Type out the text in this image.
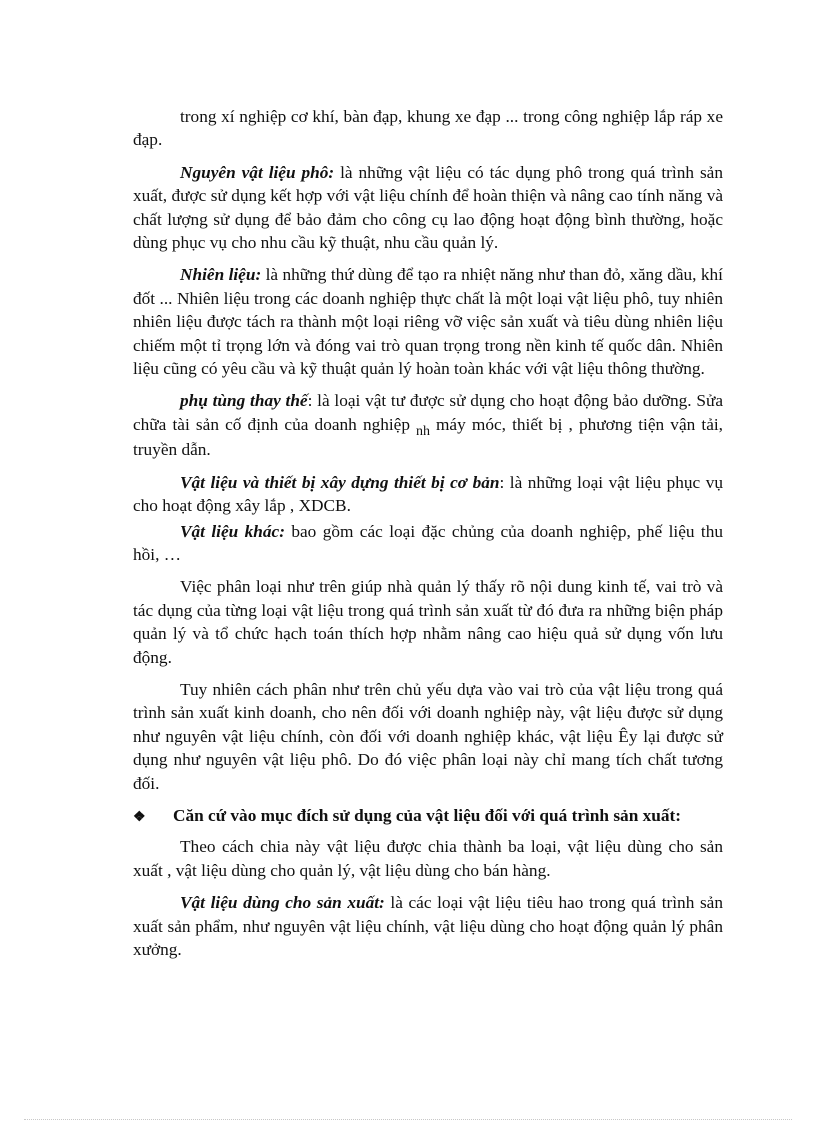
trong xí nghiệp cơ khí, bàn đạp, khung xe đạp ... trong công nghiệp lắp ráp xe đạp.

Nguyên vật liệu phô: là những vật liệu có tác dụng phô trong quá trình sản xuất, được sử dụng kết hợp với vật liệu chính để hoàn thiện và nâng cao tính năng và chất lượng sử dụng để bảo đảm cho công cụ lao động hoạt động bình thường, hoặc dùng phục vụ cho nhu cầu kỹ thuật, nhu cầu quản lý.

Nhiên liệu: là những thứ dùng để tạo ra nhiệt năng như than đỏ, xăng dầu, khí đốt ... Nhiên liệu trong các doanh nghiệp thực chất là một loại vật liệu phô, tuy nhiên nhiên liệu được tách ra thành một loại riêng vỡ việc sản xuất và tiêu dùng nhiên liệu chiếm một tỉ trọng lớn và đóng vai trò quan trọng trong nền kinh tế quốc dân. Nhiên liệu cũng có yêu cầu và kỹ thuật quản lý hoàn toàn khác với vật liệu thông thường.

phụ tùng thay thế: là loại vật tư được sử dụng cho hoạt động bảo dưỡng. Sửa chữa tài sản cố định của doanh nghiệp $_{nh}$ máy móc, thiết bị , phương tiện vận tải, truyền dẫn.

Vật liệu và thiết bị xây dựng thiết bị cơ bản: là những loại vật liệu phục vụ cho hoạt động xây lắp , XDCB.

Vật liệu khác: bao gồm các loại đặc chủng của doanh nghiệp, phế liệu thu hồi, …

Việc phân loại như trên giúp nhà quản lý thấy rõ nội dung kinh tế, vai trò và tác dụng của từng loại vật liệu trong quá trình sản xuất từ đó đưa ra những biện pháp quản lý và tổ chức hạch toán thích hợp nhằm nâng cao hiệu quả sử dụng vốn lưu động.

Tuy nhiên cách phân như trên chủ yếu dựa vào vai trò của vật liệu trong quá trình sản xuất kinh doanh, cho nên đối với doanh nghiệp này, vật liệu được sử dụng như nguyên vật liệu chính, còn đối với doanh nghiệp khác, vật liệu Êy lại được sử dụng như nguyên vật liệu phô. Do đó việc phân loại này chỉ mang tích chất tương đối.

❖ Căn cứ vào mục đích sử dụng của vật liệu đối với quá trình sản xuất:

Theo cách chia này vật liệu được chia thành ba loại, vật liệu dùng cho sản xuất , vật liệu dùng cho quản lý, vật liệu dùng cho bán hàng.

Vật liệu dùng cho sản xuất: là các loại vật liệu tiêu hao trong quá trình sản xuất sản phẩm, như nguyên vật liệu chính, vật liệu dùng cho hoạt động quản lý phân xưởng.
